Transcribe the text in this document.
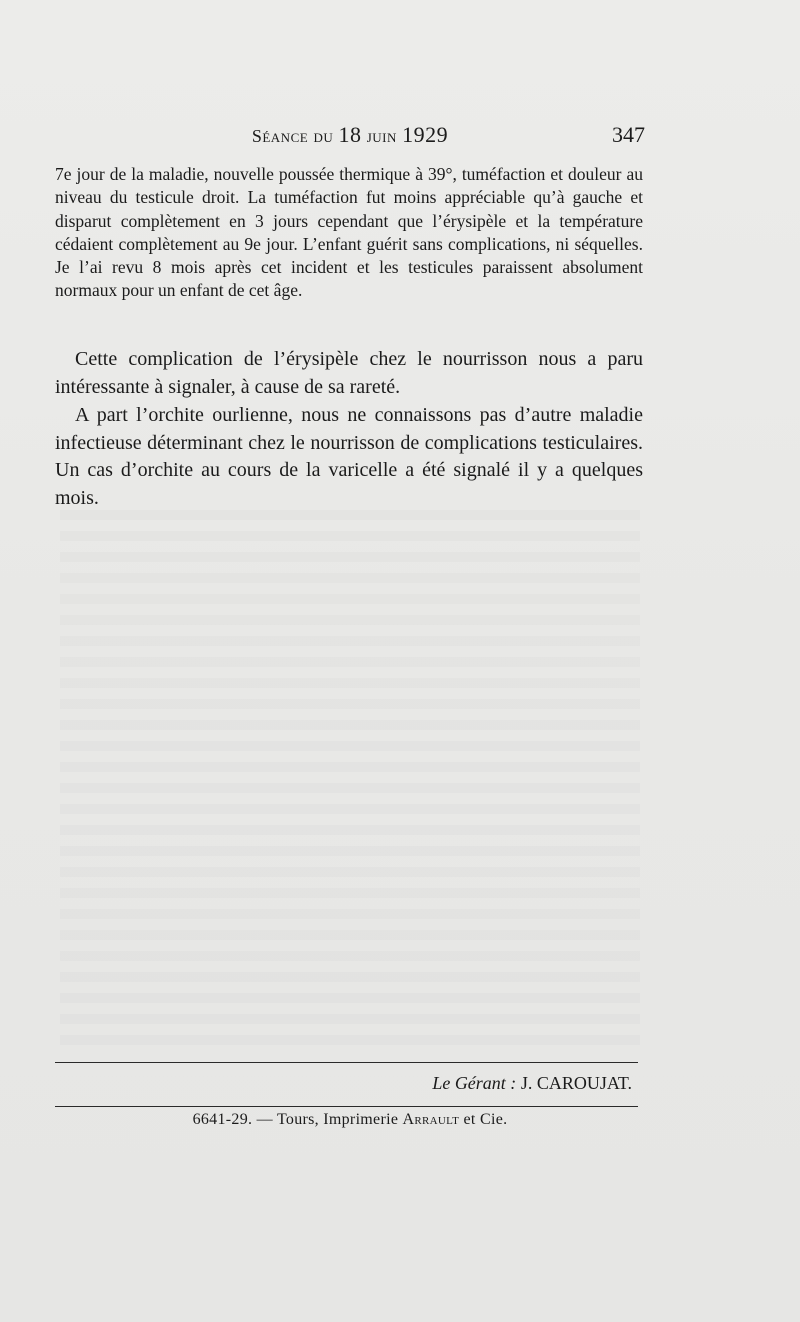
Séance du 18 juin 1929	347

7e jour de la maladie, nouvelle poussée thermique à 39°, tuméfaction et douleur au niveau du testicule droit. La tuméfaction fut moins appréciable qu’à gauche et disparut complètement en 3 jours cependant que l’érysipèle et la température cédaient complètement au 9e jour. L’enfant guérit sans complications, ni séquelles. Je l’ai revu 8 mois après cet incident et les testicules paraissent absolument normaux pour un enfant de cet âge.

Cette complication de l’érysipèle chez le nourrisson nous a paru intéressante à signaler, à cause de sa rareté.

A part l’orchite ourlienne, nous ne connaissons pas d’autre maladie infectieuse déterminant chez le nourrisson de complications testiculaires. Un cas d’orchite au cours de la varicelle a été signalé il y a quelques mois.

Le Gérant : J. CAROUJAT.
6641-29. — Tours, Imprimerie Arrault et Cie.
